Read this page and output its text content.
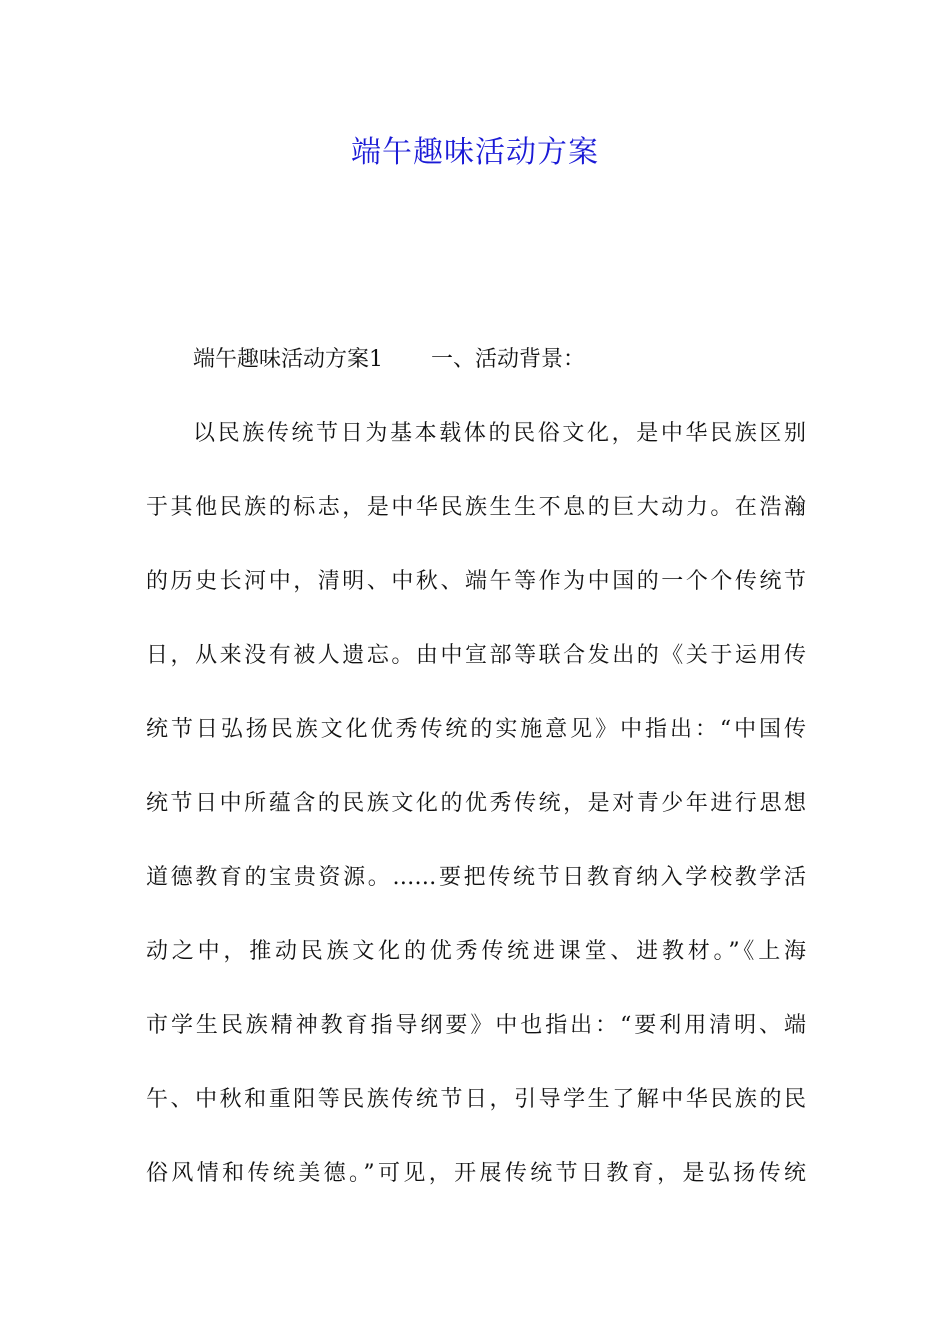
端午趣味活动方案
端午趣味活动方案1 一、活动背景：
以民族传统节日为基本载体的民俗文化，是中华民族区别
于其他民族的标志，是中华民族生生不息的巨大动力。在浩瀚
的历史长河中，清明、中秋、端午等作为中国的一个个传统节
日，从来没有被人遗忘。由中宣部等联合发出的《关于运用传
统节日弘扬民族文化优秀传统的实施意见》中指出：“中国传
统节日中所蕴含的民族文化的优秀传统，是对青少年进行思想
道德教育的宝贵资源。……要把传统节日教育纳入学校教学活
动之中，推动民族文化的优秀传统进课堂、进教材。”《上海
市学生民族精神教育指导纲要》中也指出：“要利用清明、端
午、中秋和重阳等民族传统节日，引导学生了解中华民族的民
俗风情和传统美德。”可见，开展传统节日教育，是弘扬传统
